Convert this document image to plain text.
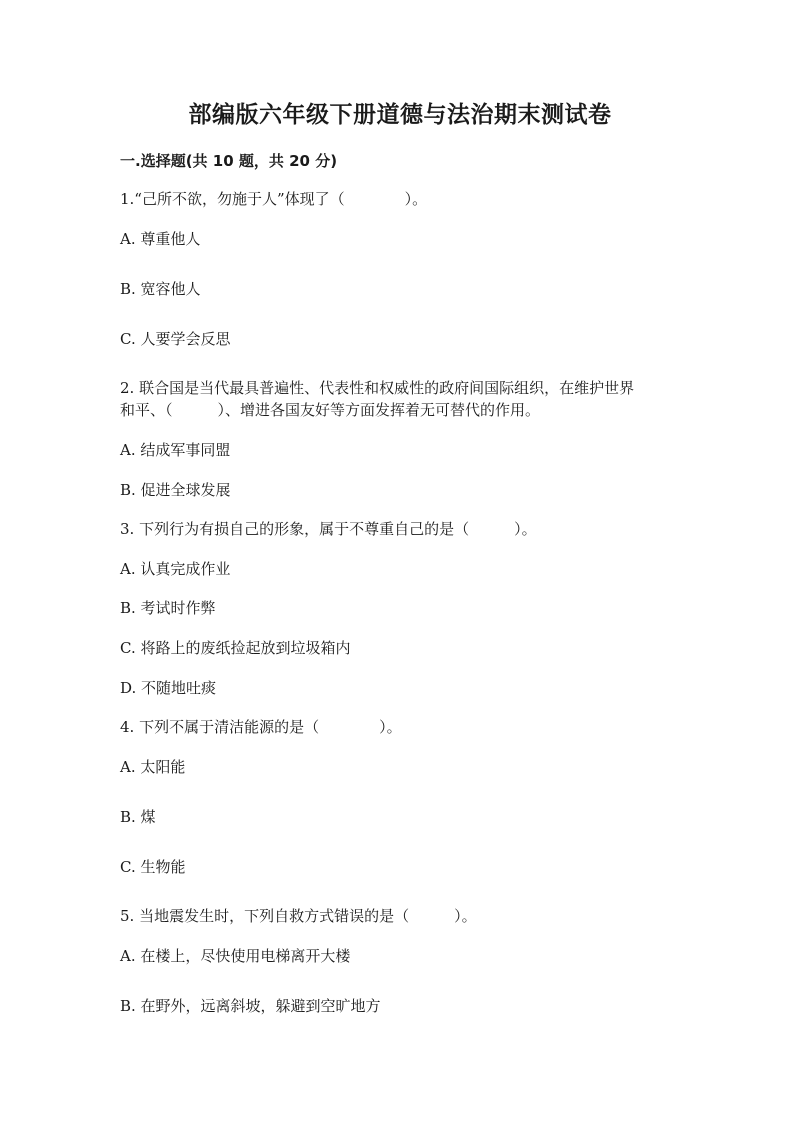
部编版六年级下册道德与法治期末测试卷
一.选择题(共 10 题，共 20 分)

1.“己所不欲，勿施于人”体现了（　　　　）。

A. 尊重他人

B. 宽容他人

C. 人要学会反思

2. 联合国是当代最具普遍性、代表性和权威性的政府间国际组织，在维护世界

和平、（　　　）、增进各国友好等方面发挥着无可替代的作用。

A. 结成军事同盟

B. 促进全球发展

3. 下列行为有损自己的形象，属于不尊重自己的是（　　　）。

A. 认真完成作业

B. 考试时作弊

C. 将路上的废纸捡起放到垃圾箱内

D. 不随地吐痰

4. 下列不属于清洁能源的是（　　　　）。

A. 太阳能

B. 煤

C. 生物能

5. 当地震发生时，下列自救方式错误的是（　　　）。

A. 在楼上，尽快使用电梯离开大楼

B. 在野外，远离斜坡，躲避到空旷地方
